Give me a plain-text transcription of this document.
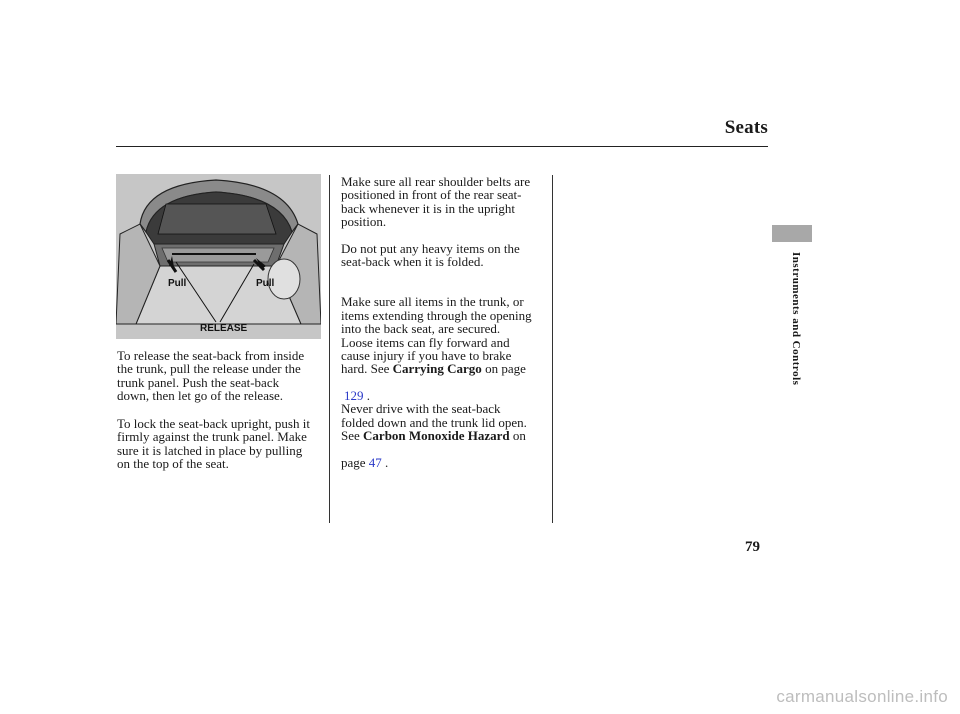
Seats
Instruments and Controls
Pull	Pull
RELEASE
To release the seat-back from inside
the trunk, pull the release under the
trunk panel. Push the seat-back
down, then let go of the release.
To lock the seat-back upright, push it
firmly against the trunk panel. Make
sure it is latched in place by pulling
on the top of the seat.
Make sure all rear shoulder belts are
positioned in front of the rear seat-
back whenever it is in the upright
position.
Do not put any heavy items on the
seat-back when it is folded.

Make sure all items in the trunk, or
items extending through the opening
into the back seat, are secured.
Loose items can fly forward and
cause injury if you have to brake

hard. See Carrying Cargo on page

129 .

Never drive with the seat-back
folded down and the trunk lid open.

See Carbon Monoxide Hazard on

page 47 .

79
carmanualsonline.info
